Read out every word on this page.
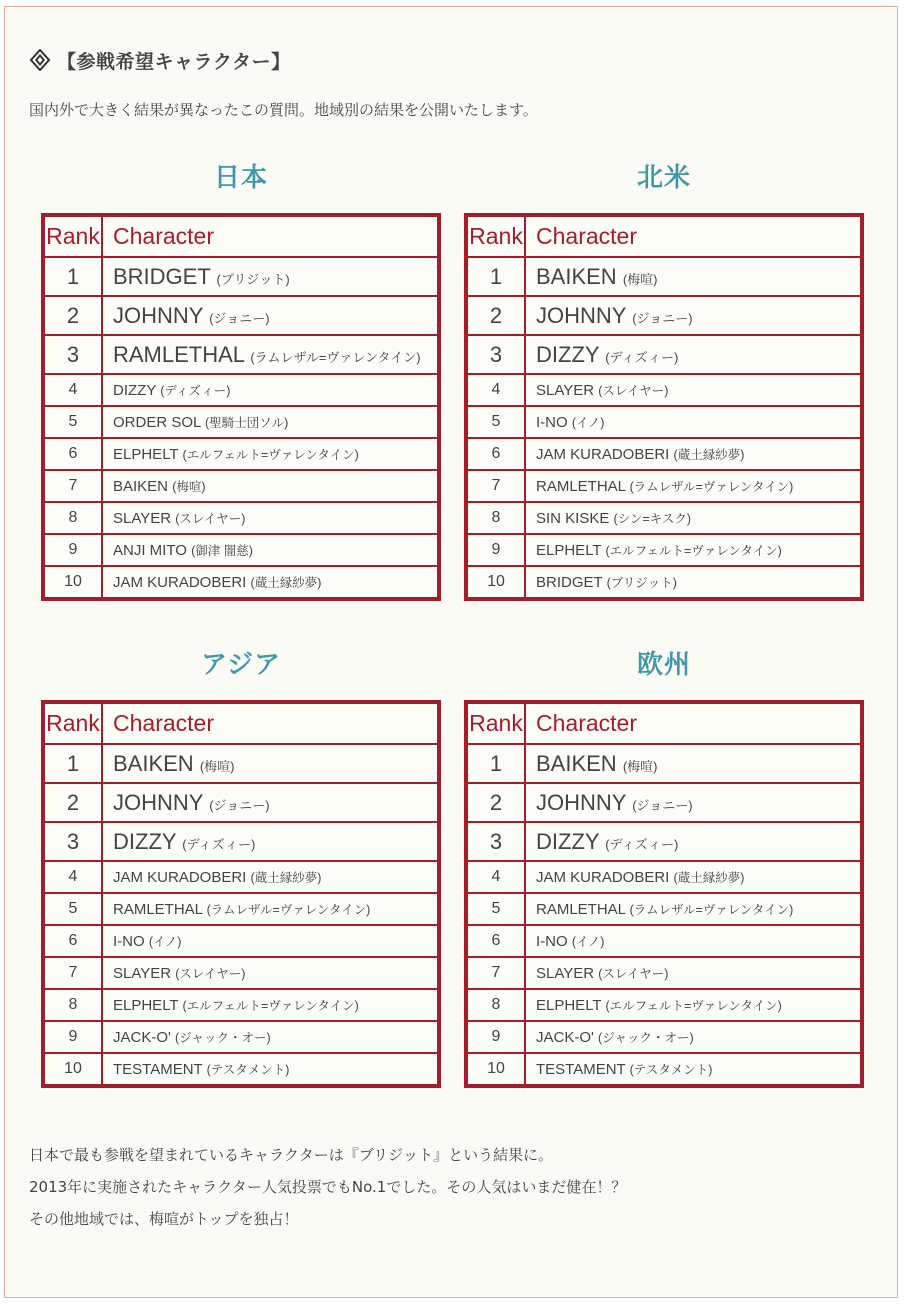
【参戦希望キャラクター】
国内外で大きく結果が異なったこの質問。地域別の結果を公開いたします。
日本
Rank	Character
1	BRIDGET (ブリジット)
2	JOHNNY (ジョニー)
3	RAMLETHAL (ラムレザル=ヴァレンタイン)
4	DIZZY (ディズィー)
5	ORDER SOL (聖騎士団ソル)
6	ELPHELT (エルフェルト=ヴァレンタイン)
7	BAIKEN (梅喧)
8	SLAYER (スレイヤー)
9	ANJI MITO (御津 闇慈)
10	JAM KURADOBERI (蔵土縁紗夢)
北米
Rank	Character
1	BAIKEN (梅喧)
2	JOHNNY (ジョニー)
3	DIZZY (ディズィー)
4	SLAYER (スレイヤー)
5	I-NO (イノ)
6	JAM KURADOBERI (蔵土縁紗夢)
7	RAMLETHAL (ラムレザル=ヴァレンタイン)
8	SIN KISKE (シン=キスク)
9	ELPHELT (エルフェルト=ヴァレンタイン)
10	BRIDGET (ブリジット)
アジア
Rank	Character
1	BAIKEN (梅喧)
2	JOHNNY (ジョニー)
3	DIZZY (ディズィー)
4	JAM KURADOBERI (蔵土縁紗夢)
5	RAMLETHAL (ラムレザル=ヴァレンタイン)
6	I-NO (イノ)
7	SLAYER (スレイヤー)
8	ELPHELT (エルフェルト=ヴァレンタイン)
9	JACK-O' (ジャック・オー)
10	TESTAMENT (テスタメント)
欧州
Rank	Character
1	BAIKEN (梅喧)
2	JOHNNY (ジョニー)
3	DIZZY (ディズィー)
4	JAM KURADOBERI (蔵土縁紗夢)
5	RAMLETHAL (ラムレザル=ヴァレンタイン)
6	I-NO (イノ)
7	SLAYER (スレイヤー)
8	ELPHELT (エルフェルト=ヴァレンタイン)
9	JACK-O' (ジャック・オー)
10	TESTAMENT (テスタメント)
日本で最も参戦を望まれているキャラクターは『ブリジット』という結果に。
2013年に実施されたキャラクター人気投票でもNo.1でした。その人気はいまだ健在！？
その他地域では、梅喧がトップを独占！
